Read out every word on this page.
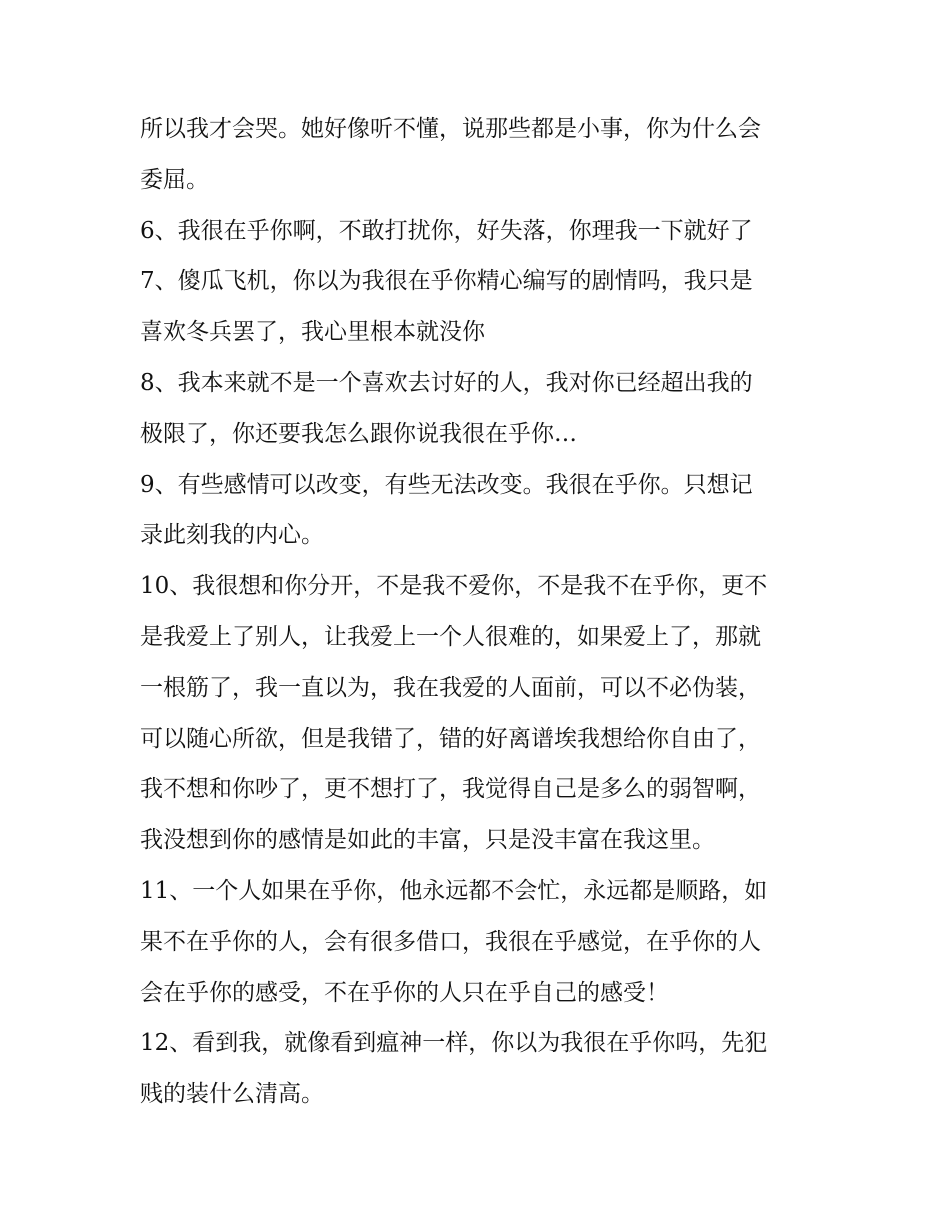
所以我才会哭。她好像听不懂，说那些都是小事，你为什么会
委屈。
6、我很在乎你啊，不敢打扰你，好失落，你理我一下就好了
7、傻瓜飞机，你以为我很在乎你精心编写的剧情吗，我只是
喜欢冬兵罢了，我心里根本就没你
8、我本来就不是一个喜欢去讨好的人，我对你已经超出我的
极限了，你还要我怎么跟你说我很在乎你…
9、有些感情可以改变，有些无法改变。我很在乎你。只想记
录此刻我的内心。
10、我很想和你分开，不是我不爱你，不是我不在乎你，更不
是我爱上了别人，让我爱上一个人很难的，如果爱上了，那就
一根筋了，我一直以为，我在我爱的人面前，可以不必伪装，
可以随心所欲，但是我错了，错的好离谱埃我想给你自由了，
我不想和你吵了，更不想打了，我觉得自己是多么的弱智啊，
我没想到你的感情是如此的丰富，只是没丰富在我这里。
11、一个人如果在乎你，他永远都不会忙，永远都是顺路，如
果不在乎你的人，会有很多借口，我很在乎感觉，在乎你的人
会在乎你的感受，不在乎你的人只在乎自己的感受！
12、看到我，就像看到瘟神一样，你以为我很在乎你吗，先犯
贱的装什么清高。
